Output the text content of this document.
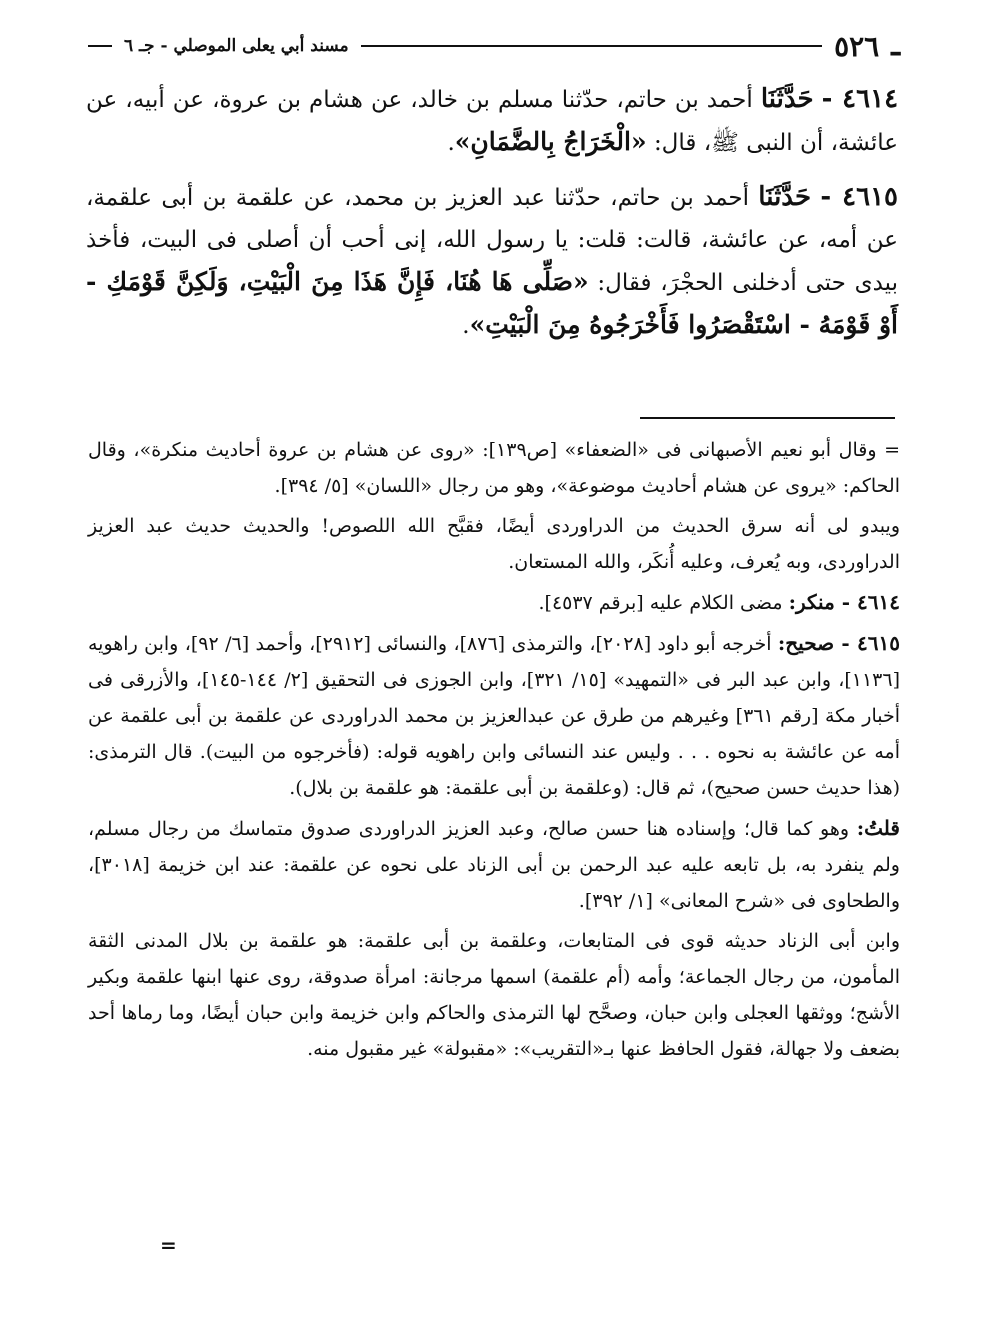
ـ
٥٢٦
مسند أبي يعلى الموصلي - جـ ٦

٤٦١٤ - حَدَّثَنَا أحمد بن حاتم، حدّثنا مسلم بن خالد، عن هشام بن عروة، عن أبيه، عن عائشة، أن النبى ﷺ، قال: «الْخَرَاجُ بِالضَّمَانِ».

٤٦١٥ - حَدَّثَنَا أحمد بن حاتم، حدّثنا عبد العزيز بن محمد، عن علقمة بن أبى علقمة، عن أمه، عن عائشة، قالت: قلت: يا رسول الله، إنى أحب أن أصلى فى البيت، فأخذ بيدى حتى أدخلنى الحجْرَ، فقال: «صَلِّى هَا هُنَا، فَإِنَّ هَذَا مِنَ الْبَيْتِ، وَلَكِنَّ قَوْمَكِ - أَوْ قَوْمَهُ - اسْتَقْصَرُوا فَأَخْرَجُوهُ مِنَ الْبَيْتِ».

= وقال أبو نعيم الأصبهانى فى «الضعفاء» [ص١٣٩]: «روى عن هشام بن عروة أحاديث منكرة»، وقال الحاكم: «يروى عن هشام أحاديث موضوعة»، وهو من رجال «اللسان» [٥/ ٣٩٤].

ويبدو لى أنه سرق الحديث من الدراوردى أيضًا، فقبَّح الله اللصوص! والحديث حديث عبد العزيز الدراوردى، وبه يُعرف، وعليه أُنكَر، والله المستعان.

٤٦١٤ - منكر: مضى الكلام عليه [برقم ٤٥٣٧].

٤٦١٥ - صحيح: أخرجه أبو داود [٢٠٢٨]، والترمذى [٨٧٦]، والنسائى [٢٩١٢]، وأحمد [٦/ ٩٢]، وابن راهويه [١١٣٦]، وابن عبد البر فى «التمهيد» [١٥/ ٣٢١]، وابن الجوزى فى التحقيق [٢/ ١٤٤-١٤٥]، والأزرقى فى أخبار مكة [رقم ٣٦١] وغيرهم من طرق عن عبدالعزيز بن محمد الدراوردى عن علقمة بن أبى علقمة عن أمه عن عائشة به نحوه . . . وليس عند النسائى وابن راهويه قوله: (فأخرجوه من البيت). قال الترمذى: (هذا حديث حسن صحيح)، ثم قال: (وعلقمة بن أبى علقمة: هو علقمة بن بلال).

قلتُ: وهو كما قال؛ وإسناده هنا حسن صالح، وعبد العزيز الدراوردى صدوق متماسك من رجال مسلم، ولم ينفرد به، بل تابعه عليه عبد الرحمن بن أبى الزناد على نحوه عن علقمة: عند ابن خزيمة [٣٠١٨]، والطحاوى فى «شرح المعانى» [١/ ٣٩٢].

وابن أبى الزناد حديثه قوى فى المتابعات، وعلقمة بن أبى علقمة: هو علقمة بن بلال المدنى الثقة المأمون، من رجال الجماعة؛ وأمه (أم علقمة) اسمها مرجانة: امرأة صدوقة، روى عنها ابنها علقمة وبكير الأشج؛ ووثقها العجلى وابن حبان، وصحَّح لها الترمذى والحاكم وابن خزيمة وابن حبان أيضًا، وما رماها أحد بضعف ولا جهالة، فقول الحافظ عنها بـ«التقريب»: «مقبولة» غير مقبول منه.

=
